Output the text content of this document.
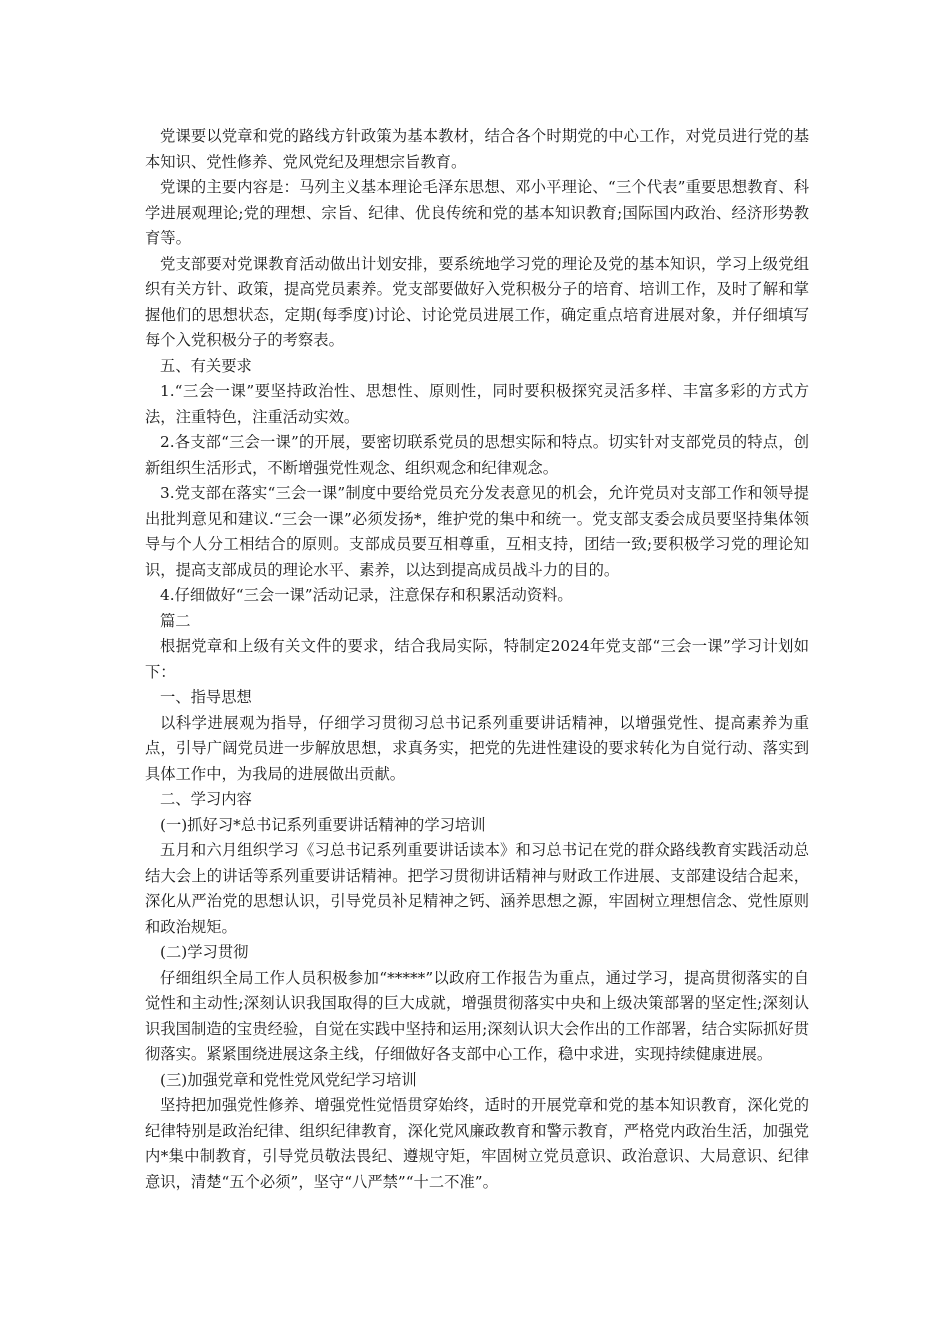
党课要以党章和党的路线方针政策为基本教材，结合各个时期党的中心工作，对党员进行党的基本知识、党性修养、党风党纪及理想宗旨教育。

党课的主要内容是：马列主义基本理论毛泽东思想、邓小平理论、“三个代表”重要思想教育、科学进展观理论;党的理想、宗旨、纪律、优良传统和党的基本知识教育;国际国内政治、经济形势教育等。

党支部要对党课教育活动做出计划安排，要系统地学习党的理论及党的基本知识，学习上级党组织有关方针、政策，提高党员素养。党支部要做好入党积极分子的培育、培训工作，及时了解和掌握他们的思想状态，定期(每季度)讨论、讨论党员进展工作，确定重点培育进展对象，并仔细填写每个入党积极分子的考察表。

五、有关要求

1.“三会一课”要坚持政治性、思想性、原则性，同时要积极探究灵活多样、丰富多彩的方式方法，注重特色，注重活动实效。

2.各支部“三会一课”的开展，要密切联系党员的思想实际和特点。切实针对支部党员的特点，创新组织生活形式，不断增强党性观念、组织观念和纪律观念。

3.党支部在落实“三会一课”制度中要给党员充分发表意见的机会，允许党员对支部工作和领导提出批判意见和建议.“三会一课”必须发扬*，维护党的集中和统一。党支部支委会成员要坚持集体领导与个人分工相结合的原则。支部成员要互相尊重，互相支持，团结一致;要积极学习党的理论知识，提高支部成员的理论水平、素养，以达到提高成员战斗力的目的。

4.仔细做好“三会一课”活动记录，注意保存和积累活动资料。

篇二

根据党章和上级有关文件的要求，结合我局实际，特制定2024年党支部“三会一课”学习计划如下：

一、指导思想

以科学进展观为指导，仔细学习贯彻习总书记系列重要讲话精神，以增强党性、提高素养为重点，引导广阔党员进一步解放思想，求真务实，把党的先进性建设的要求转化为自觉行动、落实到具体工作中，为我局的进展做出贡献。

二、学习内容

(一)抓好习*总书记系列重要讲话精神的学习培训

五月和六月组织学习《习总书记系列重要讲话读本》和习总书记在党的群众路线教育实践活动总结大会上的讲话等系列重要讲话精神。把学习贯彻讲话精神与财政工作进展、支部建设结合起来，深化从严治党的思想认识，引导党员补足精神之钙、涵养思想之源，牢固树立理想信念、党性原则和政治规矩。

(二)学习贯彻

仔细组织全局工作人员积极参加“*****”以政府工作报告为重点，通过学习，提高贯彻落实的自觉性和主动性;深刻认识我国取得的巨大成就，增强贯彻落实中央和上级决策部署的坚定性;深刻认识我国制造的宝贵经验，自觉在实践中坚持和运用;深刻认识大会作出的工作部署，结合实际抓好贯彻落实。紧紧围绕进展这条主线，仔细做好各支部中心工作，稳中求进，实现持续健康进展。

(三)加强党章和党性党风党纪学习培训

坚持把加强党性修养、增强党性觉悟贯穿始终，适时的开展党章和党的基本知识教育，深化党的纪律特别是政治纪律、组织纪律教育，深化党风廉政教育和警示教育，严格党内政治生活，加强党内*集中制教育，引导党员敬法畏纪、遵规守矩，牢固树立党员意识、政治意识、大局意识、纪律意识，清楚“五个必须”，坚守“八严禁”“十二不准”。
